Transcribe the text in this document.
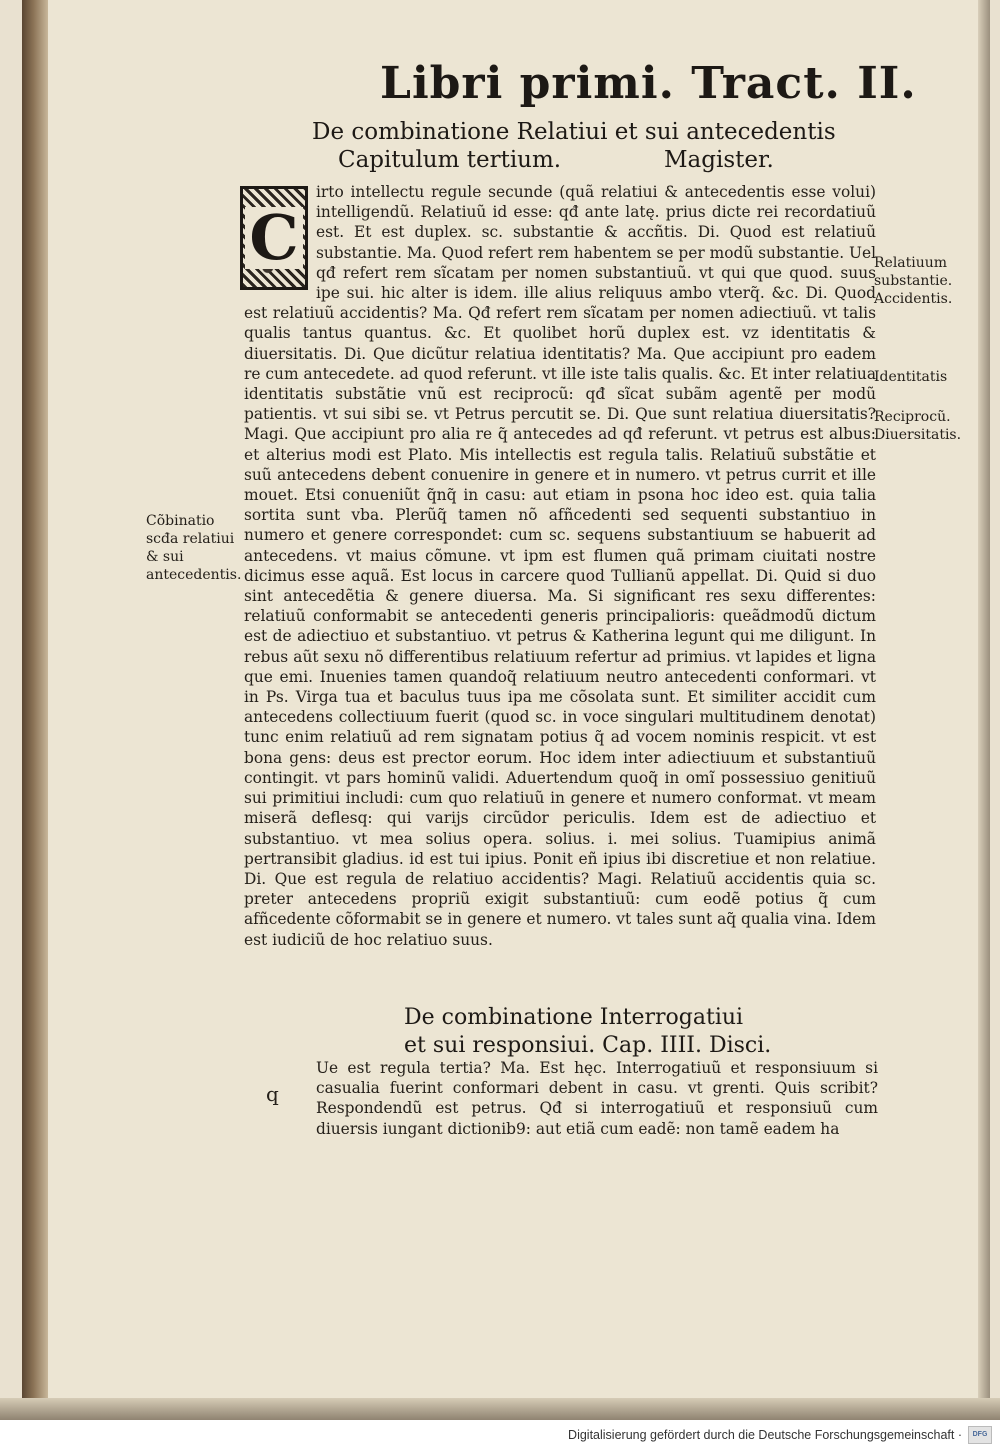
Libri primi. Tract. II.
De combinatione Relatiui et sui antecedentis
Capitulum tertium.	Magister.
C
irto intellectu regule secunde (quã relatiui & antecedentis esse volui) intelligendũ. Relatiuũ id esse: qđ ante latę. prius dicte rei recordatiuũ est. Et est duplex. sc. substantie & accñtis. Di. Quod est relatiuũ substantie. Ma. Quod refert rem habentem se per modũ substantie. Uel qđ refert rem sĩcatam per nomen substantiuũ. vt qui que quod. suus ipe sui. hic alter is idem. ille alius reliquus ambo vterq̃. &c. Di. Quod est relatiuũ accidentis? Ma. Qđ refert rem sĩcatam per nomen adiectiuũ. vt talis qualis tantus quantus. &c. Et quolibet horũ duplex est. vz identitatis & diuersitatis. Di. Que dicũtur relatiua identitatis? Ma. Que accipiunt pro eadem re cum antecedete. ad quod referunt. vt ille iste talis qualis. &c. Et inter relatiua identitatis substãtie vnũ est reciprocũ: qđ sĩcat subãm agentẽ per modũ patientis. vt sui sibi se. vt Petrus percutit se. Di. Que sunt relatiua diuersitatis? Magi. Que accipiunt pro alia re q̃ antecedes ad qđ referunt. vt petrus est albus: et alterius modi est Plato. Mis intellectis est regula talis. Relatiuũ substãtie et suũ antecedens debent conuenire in genere et in numero. vt petrus currit et ille mouet. Etsi conueniũt q̃nq̃ in casu: aut etiam in psona hoc ideo est. quia talia sortita sunt vba. Plerũq̃ tamen nõ afñcedenti sed sequenti substantiuo in numero et genere correspondet: cum sc. sequens substantiuum se habuerit ad antecedens. vt maius cõmune. vt ipm est flumen quã primam ciuitati nostre dicimus esse aquã. Est locus in carcere quod Tullianũ appellat. Di. Quid si duo sint antecedẽtia & genere diuersa. Ma. Si significant res sexu differentes: relatiuũ conformabit se antecedenti generis principalioris: queãdmodũ dictum est de adiectiuo et substantiuo. vt petrus & Katherina legunt qui me diligunt. In rebus aũt sexu nõ differentibus relatiuum refertur ad primius. vt lapides et ligna que emi. Inuenies tamen quandoq̃ relatiuum neutro antecedenti conformari. vt in Ps. Virga tua et baculus tuus ipa me cõsolata sunt. Et similiter accidit cum antecedens collectiuum fuerit (quod sc. in voce singulari multitudinem denotat) tunc enim relatiuũ ad rem signatam potius q̃ ad vocem nominis respicit. vt est bona gens: deus est prector eorum. Hoc idem inter adiectiuum et substantiuũ contingit. vt pars hominũ validi. Aduertendum quoq̃ in omĩ possessiuo genitiuũ sui primitiui includi: cum quo relatiuũ in genere et numero conformat. vt meam miserã deflesq: qui varijs circũdor periculis. Idem est de adiectiuo et substantiuo. vt mea solius opera. solius. i. mei solius. Tuamipius animã pertransibit gladius. id est tui ipius. Ponit eñ ipius ibi discretiue et non relatiue. Di. Que est regula de relatiuo accidentis? Magi. Relatiuũ accidentis quia sc. preter antecedens propriũ exigit substantiuũ: cum eodẽ potius q̃ cum afñcedente cõformabit se in genere et numero. vt tales sunt aq̃ qualia vina. Idem est iudiciũ de hoc relatiuo suus.
Relatiuum substantie. Accidentis.
Identitatis
Reciprocũ. Diuersitatis.
Cõbinatio scđa relatiui & sui antecedentis.
De combinatione Interrogatiui
et sui responsiui. Cap. IIII. Disci.
q
Ue est regula tertia? Ma. Est hęc. Interrogatiuũ et responsiuum si casualia fuerint conformari debent in casu. vt grenti. Quis scribit? Respondendũ est petrus. Qđ si interrogatiuũ et responsiuũ cum diuersis iungant dictionib9: aut etiã cum eadẽ: non tamẽ eadem ha
Digitalisierung gefördert durch die Deutsche Forschungsgemeinschaft · DFG
